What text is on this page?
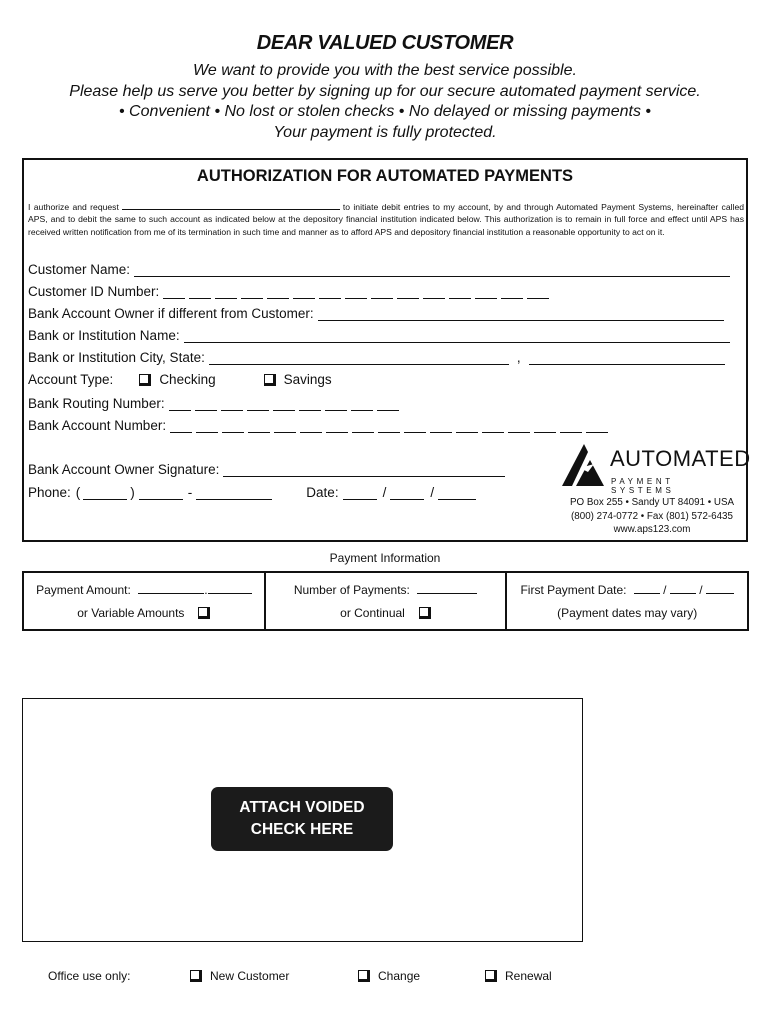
DEAR VALUED CUSTOMER
We want to provide you with the best service possible.
Please help us serve you better by signing up for our secure automated payment service.
• Convenient • No lost or stolen checks • No delayed or missing payments •
Your payment is fully protected.
AUTHORIZATION FOR AUTOMATED PAYMENTS
I authorize and request	to initiate debit entries to my account, by and through Automated Payment Systems, hereinafter called APS, and to debit the same to such account as indicated below at the depository financial institution indicated below. This authorization is to remain in full force and effect until APS has received written notification from me of its termination in such time and manner as to afford APS and depository financial institution a reasonable opportunity to act on it.
Customer Name:
Customer ID Number:
Bank Account Owner if different from Customer:
Bank or Institution Name:
Bank or Institution City, State:	,
Account Type:	Checking	Savings
Bank Routing Number:
Bank Account Number:
Bank Account Owner Signature:
Phone: (	)	-	Date:	/	/
AUTOMATED
PAYMENT SYSTEMS
PO Box 255 • Sandy UT 84091 • USA
(800) 274-0772 • Fax (801) 572-6435
www.aps123.com
Payment Information
Payment Amount:	.
or Variable Amounts
Number of Payments:
or Continual
First Payment Date:	/	/
(Payment dates may vary)
ATTACH VOIDED
CHECK HERE
Office use only:	New Customer	Change	Renewal
